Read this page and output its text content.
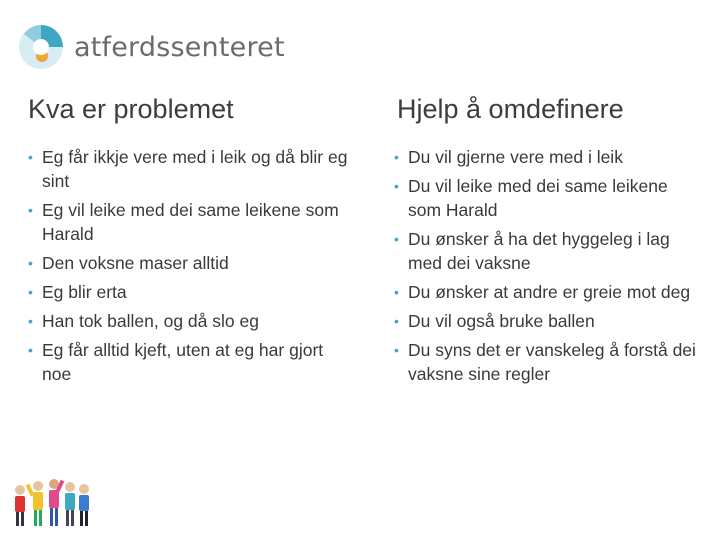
atferdssenteret
Kva er problemet
• Eg får ikkje vere med i leik og då blir eg sint
• Eg vil leike med dei same leikene som Harald
• Den voksne maser alltid
• Eg blir erta
• Han tok ballen, og då slo eg
• Eg får alltid kjeft, uten at eg har gjort noe
Hjelp å omdefinere
• Du vil gjerne vere med i leik
• Du vil leike med dei same leikene som Harald
• Du ønsker å ha det hyggeleg i lag med dei vaksne
• Du ønsker at andre er greie mot deg
• Du vil også bruke ballen
• Du syns det er vanskeleg å forstå dei vaksne sine regler
